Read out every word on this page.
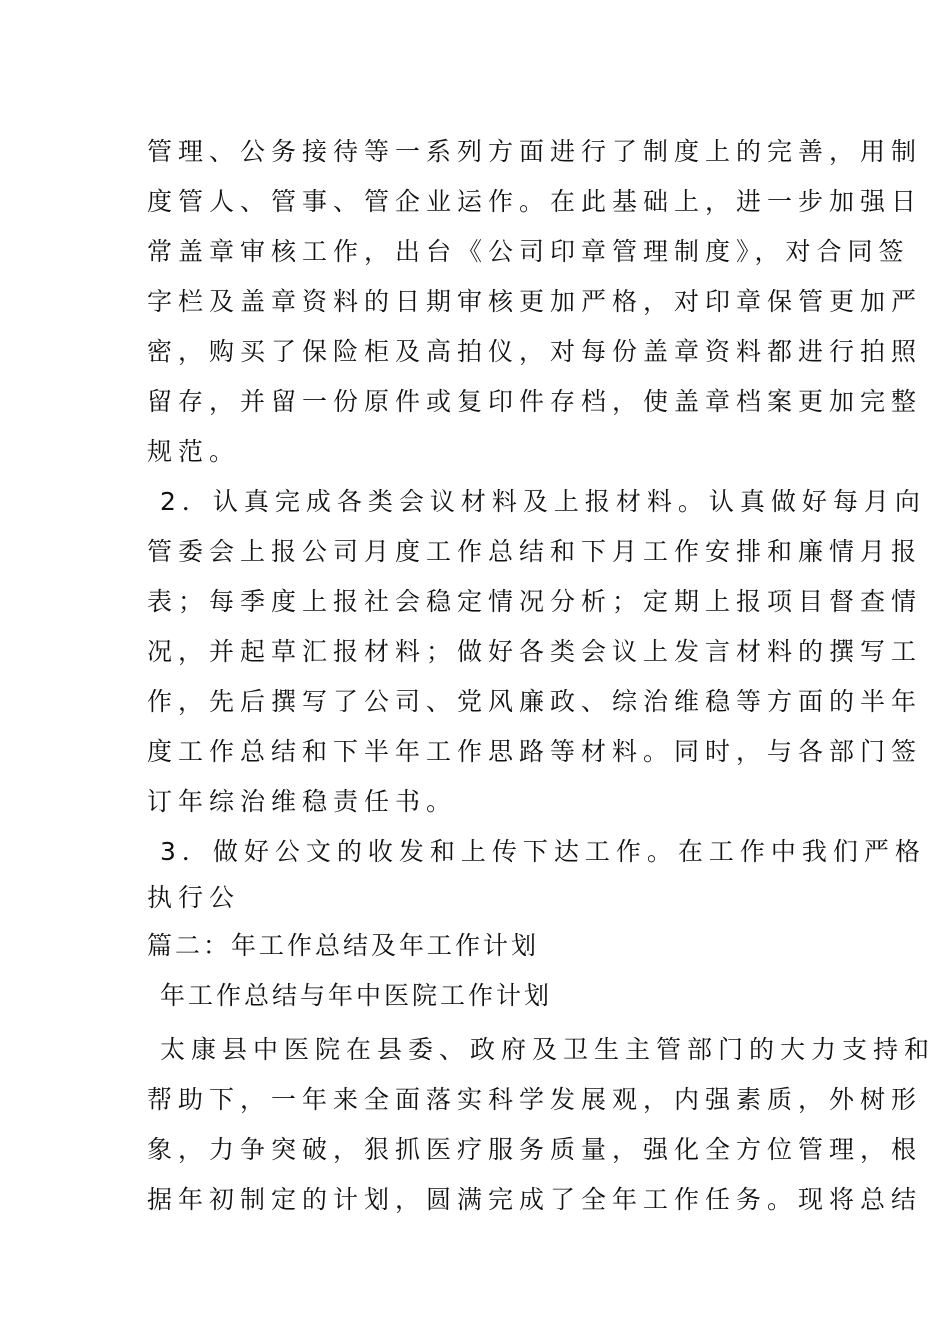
管理、公务接待等一系列方面进行了制度上的完善，用制
度管人、管事、管企业运作。在此基础上，进一步加强日
常盖章审核工作，出台《公司印章管理制度》，对合同签
字栏及盖章资料的日期审核更加严格，对印章保管更加严
密，购买了保险柜及高拍仪，对每份盖章资料都进行拍照
留存，并留一份原件或复印件存档，使盖章档案更加完整
规范。
2．认真完成各类会议材料及上报材料。认真做好每月向
管委会上报公司月度工作总结和下月工作安排和廉情月报
表；每季度上报社会稳定情况分析；定期上报项目督查情
况，并起草汇报材料；做好各类会议上发言材料的撰写工
作，先后撰写了公司、党风廉政、综治维稳等方面的半年
度工作总结和下半年工作思路等材料。同时，与各部门签
订年综治维稳责任书。
3．做好公文的收发和上传下达工作。在工作中我们严格
执行公
篇二：年工作总结及年工作计划
年工作总结与年中医院工作计划
太康县中医院在县委、政府及卫生主管部门的大力支持和
帮助下，一年来全面落实科学发展观，内强素质，外树形
象，力争突破，狠抓医疗服务质量，强化全方位管理，根
据年初制定的计划，圆满完成了全年工作任务。现将总结
